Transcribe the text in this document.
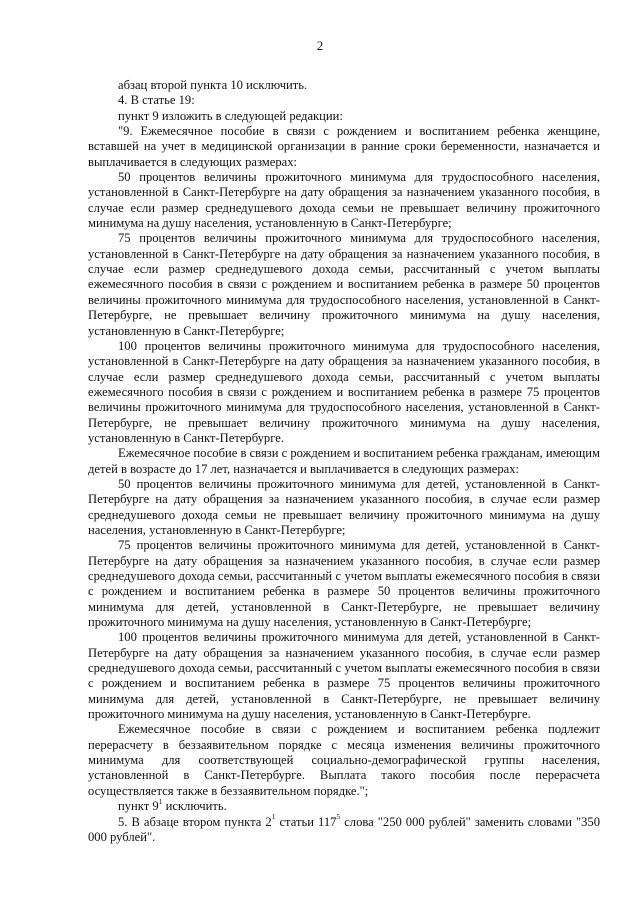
2

абзац второй пункта 10 исключить.

4. В статье 19:

пункт 9 изложить в следующей редакции:

"9. Ежемесячное пособие в связи с рождением и воспитанием ребенка женщине, вставшей на учет в медицинской организации в ранние сроки беременности, назначается и выплачивается в следующих размерах:

50 процентов величины прожиточного минимума для трудоспособного населения, установленной в Санкт-Петербурге на дату обращения за назначением указанного пособия, в случае если размер среднедушевого дохода семьи не превышает величину прожиточного минимума на душу населения, установленную в Санкт-Петербурге;

75 процентов величины прожиточного минимума для трудоспособного населения, установленной в Санкт-Петербурге на дату обращения за назначением указанного пособия, в случае если размер среднедушевого дохода семьи, рассчитанный с учетом выплаты ежемесячного пособия в связи с рождением и воспитанием ребенка в размере 50 процентов величины прожиточного минимума для трудоспособного населения, установленной в Санкт-Петербурге, не превышает величину прожиточного минимума на душу населения, установленную в Санкт-Петербурге;

100 процентов величины прожиточного минимума для трудоспособного населения, установленной в Санкт-Петербурге на дату обращения за назначением указанного пособия, в случае если размер среднедушевого дохода семьи, рассчитанный с учетом выплаты ежемесячного пособия в связи с рождением и воспитанием ребенка в размере 75 процентов величины прожиточного минимума для трудоспособного населения, установленной в Санкт-Петербурге, не превышает величину прожиточного минимума на душу населения, установленную в Санкт-Петербурге.

Ежемесячное пособие в связи с рождением и воспитанием ребенка гражданам, имеющим детей в возрасте до 17 лет, назначается и выплачивается в следующих размерах:

50 процентов величины прожиточного минимума для детей, установленной в Санкт-Петербурге на дату обращения за назначением указанного пособия, в случае если размер среднедушевого дохода семьи не превышает величину прожиточного минимума на душу населения, установленную в Санкт-Петербурге;

75 процентов величины прожиточного минимума для детей, установленной в Санкт-Петербурге на дату обращения за назначением указанного пособия, в случае если размер среднедушевого дохода семьи, рассчитанный с учетом выплаты ежемесячного пособия в связи с рождением и воспитанием ребенка в размере 50 процентов величины прожиточного минимума для детей, установленной в Санкт-Петербурге, не превышает величину прожиточного минимума на душу населения, установленную в Санкт-Петербурге;

100 процентов величины прожиточного минимума для детей, установленной в Санкт-Петербурге на дату обращения за назначением указанного пособия, в случае если размер среднедушевого дохода семьи, рассчитанный с учетом выплаты ежемесячного пособия в связи с рождением и воспитанием ребенка в размере 75 процентов величины прожиточного минимума для детей, установленной в Санкт-Петербурге, не превышает величину прожиточного минимума на душу населения, установленную в Санкт-Петербурге.

Ежемесячное пособие в связи с рождением и воспитанием ребенка подлежит перерасчету в беззаявительном порядке с месяца изменения величины прожиточного минимума для соответствующей социально-демографической группы населения, установленной в Санкт-Петербурге. Выплата такого пособия после перерасчета осуществляется также в беззаявительном порядке.";

пункт $9^1$ исключить.

5. В абзаце втором пункта $2^1$ статьи $117^5$ слова "250 000 рублей" заменить словами "350 000 рублей".
